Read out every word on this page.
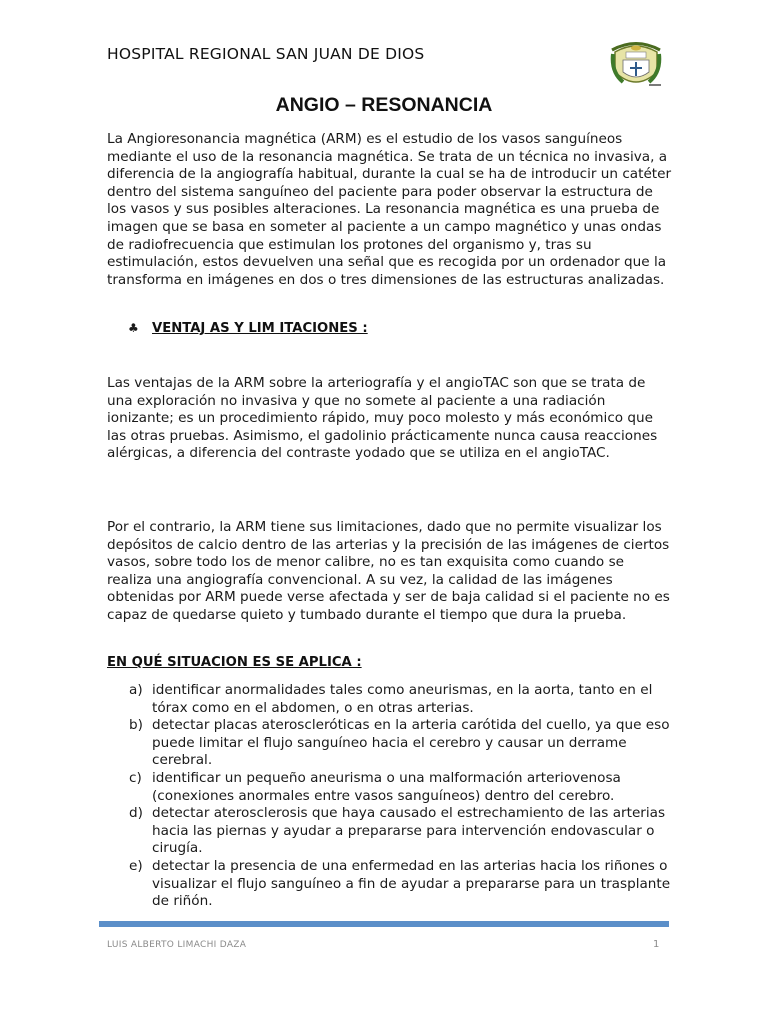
HOSPITAL REGIONAL SAN JUAN DE DIOS
ANGIO – RESONANCIA

La Angioresonancia magnética (ARM) es el estudio de los vasos sanguíneos mediante el uso de la resonancia magnética. Se trata de un técnica no invasiva, a diferencia de la angiografía habitual, durante la cual se ha de introducir un catéter dentro del sistema sanguíneo del paciente para poder observar la estructura de los vasos y sus posibles alteraciones. La resonancia magnética es una prueba de imagen que se basa en someter al paciente a un campo magnético y unas ondas de radiofrecuencia que estimulan los protones del organismo y, tras su estimulación, estos devuelven una señal que es recogida por un ordenador que la transforma en imágenes en dos o tres dimensiones de las estructuras analizadas.

♣ VENTAJ AS Y LIM ITACIONES :

Las ventajas de la ARM sobre la arteriografía y el angioTAC son que se trata de una exploración no invasiva y que no somete al paciente a una radiación ionizante; es un procedimiento rápido, muy poco molesto y más económico que las otras pruebas. Asimismo, el gadolinio prácticamente nunca causa reacciones alérgicas, a diferencia del contraste yodado que se utiliza en el angioTAC.

Por el contrario, la ARM tiene sus limitaciones, dado que no permite visualizar los depósitos de calcio dentro de las arterias y la precisión de las imágenes de ciertos vasos, sobre todo los de menor calibre, no es tan exquisita como cuando se realiza una angiografía convencional. A su vez, la calidad de las imágenes obtenidas por ARM puede verse afectada y ser de baja calidad si el paciente no es capaz de quedarse quieto y tumbado durante el tiempo que dura la prueba.

EN QUÉ SITUACION ES SE APLICA :
a) identificar anormalidades tales como aneurismas, en la aorta, tanto en el tórax como en el abdomen, o en otras arterias.
b) detectar placas ateroscleróticas en la arteria carótida del cuello, ya que eso puede limitar el flujo sanguíneo hacia el cerebro y causar un derrame cerebral.
c) identificar un pequeño aneurisma o una malformación arteriovenosa (conexiones anormales entre vasos sanguíneos) dentro del cerebro.
d) detectar aterosclerosis que haya causado el estrechamiento de las arterias hacia las piernas y ayudar a prepararse para intervención endovascular o cirugía.
e) detectar la presencia de una enfermedad en las arterias hacia los riñones o visualizar el flujo sanguíneo a fin de ayudar a prepararse para un trasplante de riñón.
LUIS ALBERTO LIMACHI DAZA	1
